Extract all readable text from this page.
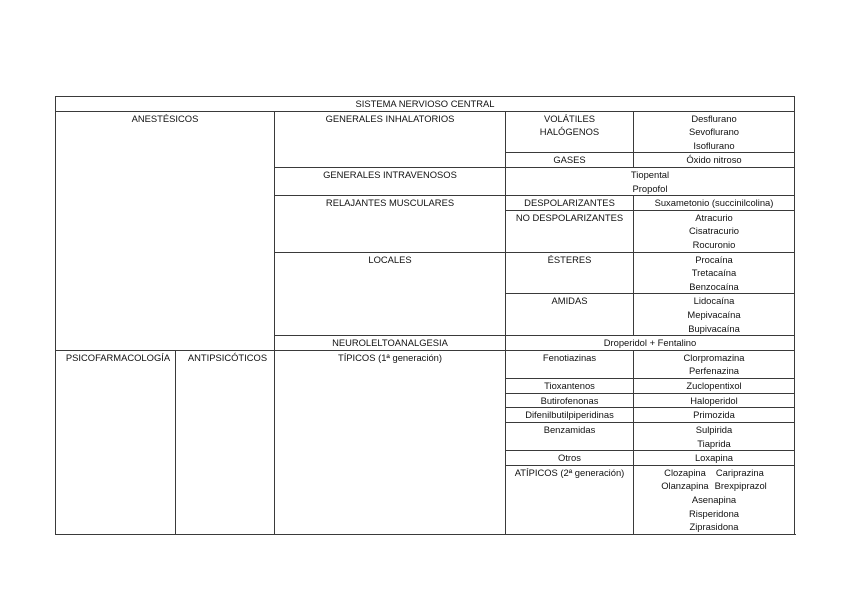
SISTEMA NERVIOSO CENTRAL			
ANESTÉSICOS	GENERALES INHALATORIOS	VOLÁTILES
HALÓGENOS	Desflurano
Sevoflurano
Isoflurano

		GASES	Óxido nitroso
	GENERALES INTRAVENOSOS	Tiopental
Propofol	

	RELAJANTES MUSCULARES	DESPOLARIZANTES	Suxametonio (succinilcolina)
		NO DESPOLARIZANTES	Atracurio
Cisatracurio
Rocuronio

	LOCALES	ÉSTERES	Procaína
Tretacaína
Benzocaína

		AMIDAS	Lidocaína
Mepivacaína
Bupivacaína

	NEUROLELTOANALGESIA	Droperidol + Fentalino	
PSICOFARMACOLOGÍA	ANTIPSICÓTICOS	TÍPICOS (1ª generación)	Fenotiazinas	Clorpromazina
Perfenazina

			Tioxantenos	Zuclopentixol
			Butirofenonas	Haloperidol
			Difenilbutilpiperidinas	Primozida
			Benzamidas	Sulpirida
Tiaprida

			Otros	Loxapina
			ATÍPICOS (2ª generación)	Clozapina Cariprazina
Olanzapina Brexpiprazol
Asenapina
Risperidona
Ziprasidona
